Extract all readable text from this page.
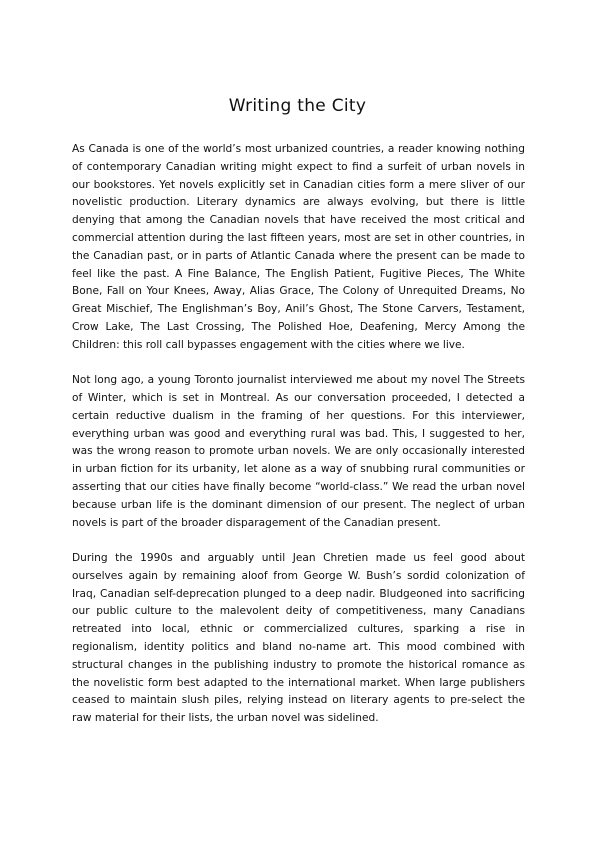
Writing the City

As Canada is one of the world’s most urbanized countries, a reader knowing nothing of contemporary Canadian writing might expect to find a surfeit of urban novels in our bookstores. Yet novels explicitly set in Canadian cities form a mere sliver of our novelistic production. Literary dynamics are always evolving, but there is little denying that among the Canadian novels that have received the most critical and commercial attention during the last fifteen years, most are set in other countries, in the Canadian past, or in parts of Atlantic Canada where the present can be made to feel like the past. A Fine Balance, The English Patient, Fugitive Pieces, The White Bone, Fall on Your Knees, Away, Alias Grace, The Colony of Unrequited Dreams, No Great Mischief, The Englishman’s Boy, Anil’s Ghost, The Stone Carvers, Testament, Crow Lake, The Last Crossing, The Polished Hoe, Deafening, Mercy Among the Children: this roll call bypasses engagement with the cities where we live.

Not long ago, a young Toronto journalist interviewed me about my novel The Streets of Winter, which is set in Montreal. As our conversation proceeded, I detected a certain reductive dualism in the framing of her questions. For this interviewer, everything urban was good and everything rural was bad. This, I suggested to her, was the wrong reason to promote urban novels. We are only occasionally interested in urban fiction for its urbanity, let alone as a way of snubbing rural communities or asserting that our cities have finally become “world-class.” We read the urban novel because urban life is the dominant dimension of our present. The neglect of urban novels is part of the broader disparagement of the Canadian present.

During the 1990s and arguably until Jean Chretien made us feel good about ourselves again by remaining aloof from George W. Bush’s sordid colonization of Iraq, Canadian self-deprecation plunged to a deep nadir. Bludgeoned into sacrificing our public culture to the malevolent deity of competitiveness, many Canadians retreated into local, ethnic or commercialized cultures, sparking a rise in regionalism, identity politics and bland no-name art. This mood combined with structural changes in the publishing industry to promote the historical romance as the novelistic form best adapted to the international market. When large publishers ceased to maintain slush piles, relying instead on literary agents to pre-select the raw material for their lists, the urban novel was sidelined.
